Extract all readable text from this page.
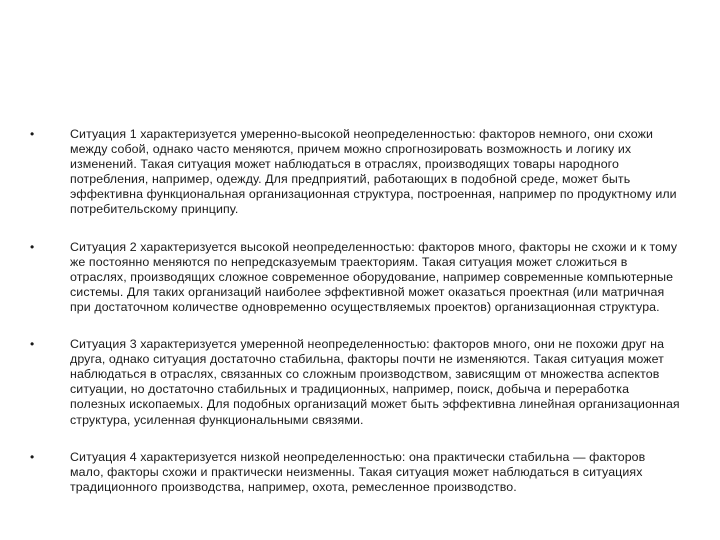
•	Ситуация 1 характеризуется умеренно-высокой неопределенностью: факторов немного, они схожи между собой, однако часто меняются, причем можно спрогнозировать возможность и логику их изменений. Такая ситуация может наблюдаться в отраслях, производящих товары народного потребления, например, одежду. Для предприятий, работающих в подобной среде, может быть эффективна функциональная организационная структура, построенная, например по продуктному или потребительскому принципу.
•	Ситуация 2 характеризуется высокой неопределенностью: факторов много, факторы не схожи и к тому же постоянно меняются по непредсказуемым траекториям. Такая ситуация может сложиться в отраслях, производящих сложное современное оборудование, например современные компьютерные системы. Для таких организаций наиболее эффективной может оказаться проектная (или матричная при достаточном количестве одновременно осуществляемых проектов) организационная структура.
•	Ситуация 3 характеризуется умеренной неопределенностью: факторов много, они не похожи друг на друга, однако ситуация достаточно стабильна, факторы почти не изменяются. Такая ситуация может наблюдаться в отраслях, связанных со сложным производством, зависящим от множества аспектов ситуации, но достаточно стабильных и традиционных, например, поиск, добыча и переработка полезных ископаемых. Для подобных организаций может быть эффективна линейная организационная структура, усиленная функциональными связями.
•	Ситуация 4 характеризуется низкой неопределенностью: она практически стабильна — факторов мало, факторы схожи и практически неизменны. Такая ситуация может наблюдаться в ситуациях традиционного производства, например, охота, ремесленное производство.
